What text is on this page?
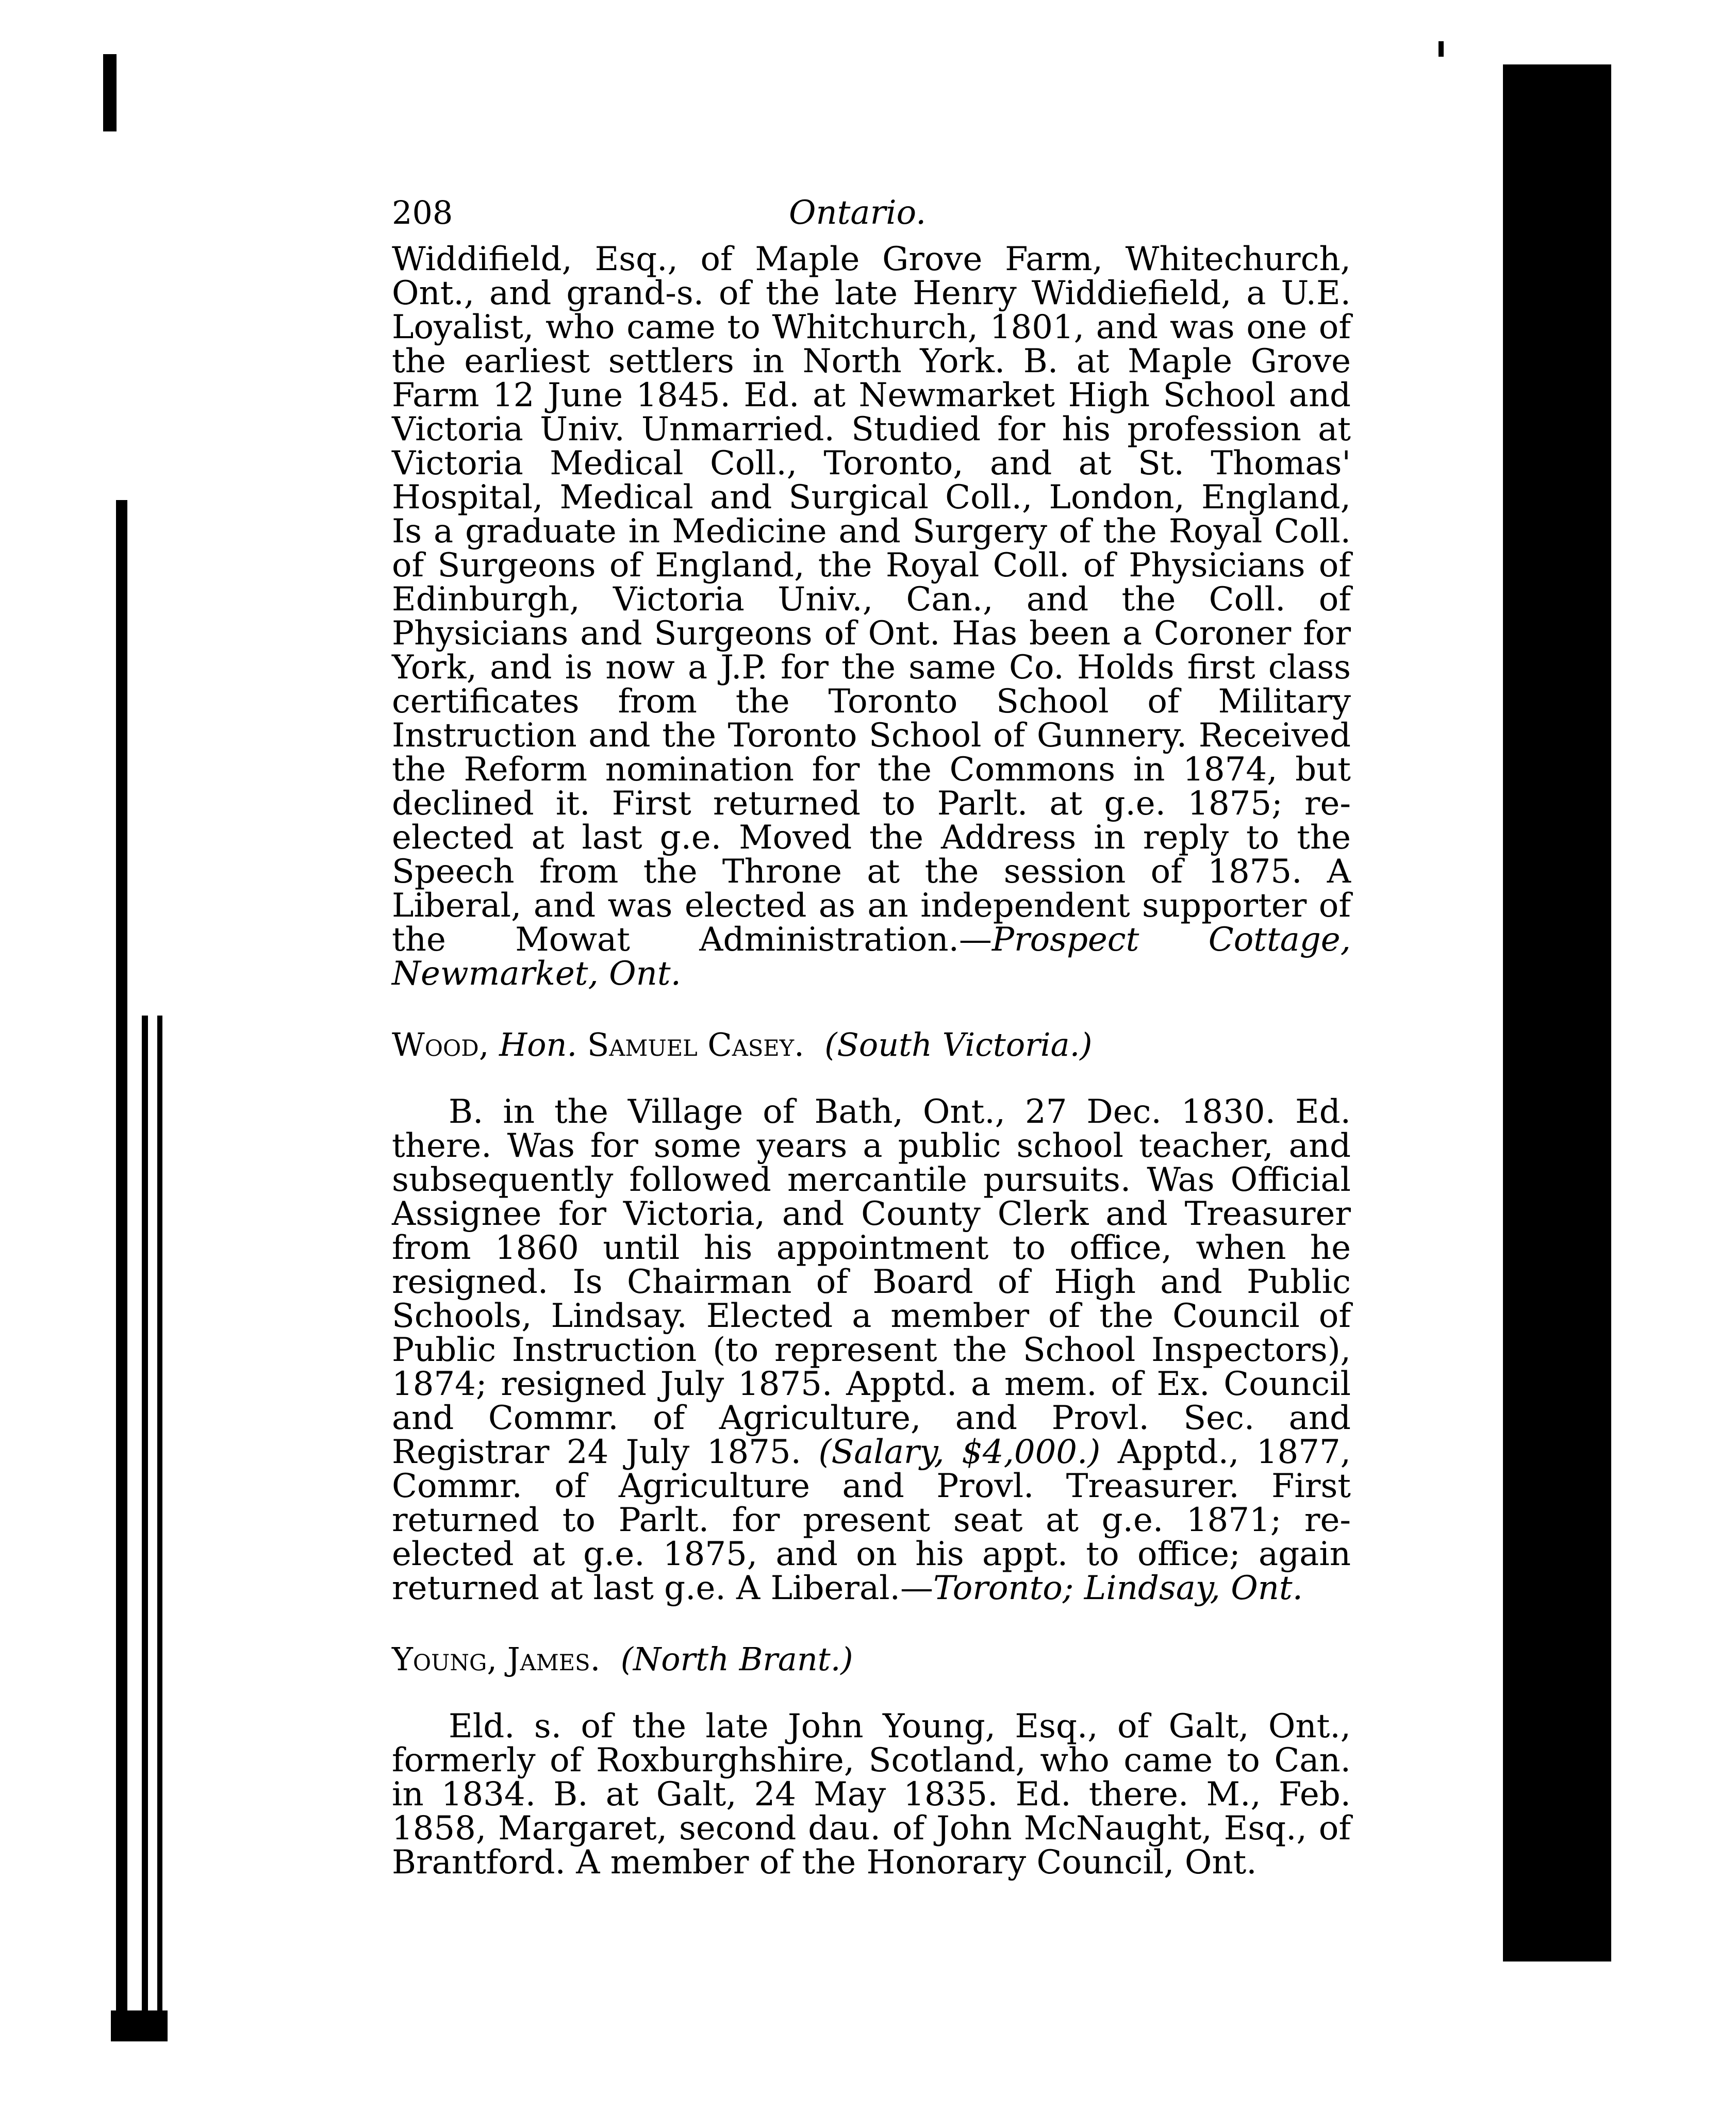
208	Ontario.

Widdifield, Esq., of Maple Grove Farm, Whitechurch, Ont., and grand-s. of the late Henry Widdiefield, a U.E. Loyalist, who came to Whitchurch, 1801, and was one of the earliest settlers in North York. B. at Maple Grove Farm 12 June 1845. Ed. at Newmarket High School and Victoria Univ. Unmarried. Studied for his profession at Victoria Medical Coll., Toronto, and at St. Thomas' Hospital, Medical and Surgical Coll., London, England, Is a graduate in Medicine and Surgery of the Royal Coll. of Surgeons of England, the Royal Coll. of Physicians of Edinburgh, Victoria Univ., Can., and the Coll. of Physicians and Surgeons of Ont. Has been a Coroner for York, and is now a J.P. for the same Co. Holds first class certificates from the Toronto School of Military Instruction and the Toronto School of Gunnery. Received the Reform nomination for the Commons in 1874, but declined it. First returned to Parlt. at g.e. 1875; re-elected at last g.e. Moved the Address in reply to the Speech from the Throne at the session of 1875. A Liberal, and was elected as an independent supporter of the Mowat Administration.—Prospect Cottage, Newmarket, Ont.

Wood, Hon. Samuel Casey. (South Victoria.)

B. in the Village of Bath, Ont., 27 Dec. 1830. Ed. there. Was for some years a public school teacher, and subsequently followed mercantile pursuits. Was Official Assignee for Victoria, and County Clerk and Treasurer from 1860 until his appointment to office, when he resigned. Is Chairman of Board of High and Public Schools, Lindsay. Elected a member of the Council of Public Instruction (to represent the School Inspectors), 1874; resigned July 1875. Apptd. a mem. of Ex. Council and Commr. of Agriculture, and Provl. Sec. and Registrar 24 July 1875. (Salary, $4,000.) Apptd., 1877, Commr. of Agriculture and Provl. Treasurer. First returned to Parlt. for present seat at g.e. 1871; re-elected at g.e. 1875, and on his appt. to office; again returned at last g.e. A Liberal.—Toronto; Lindsay, Ont.

Young, James. (North Brant.)

Eld. s. of the late John Young, Esq., of Galt, Ont., formerly of Roxburghshire, Scotland, who came to Can. in 1834. B. at Galt, 24 May 1835. Ed. there. M., Feb. 1858, Margaret, second dau. of John McNaught, Esq., of Brantford. A member of the Honorary Council, Ont.
